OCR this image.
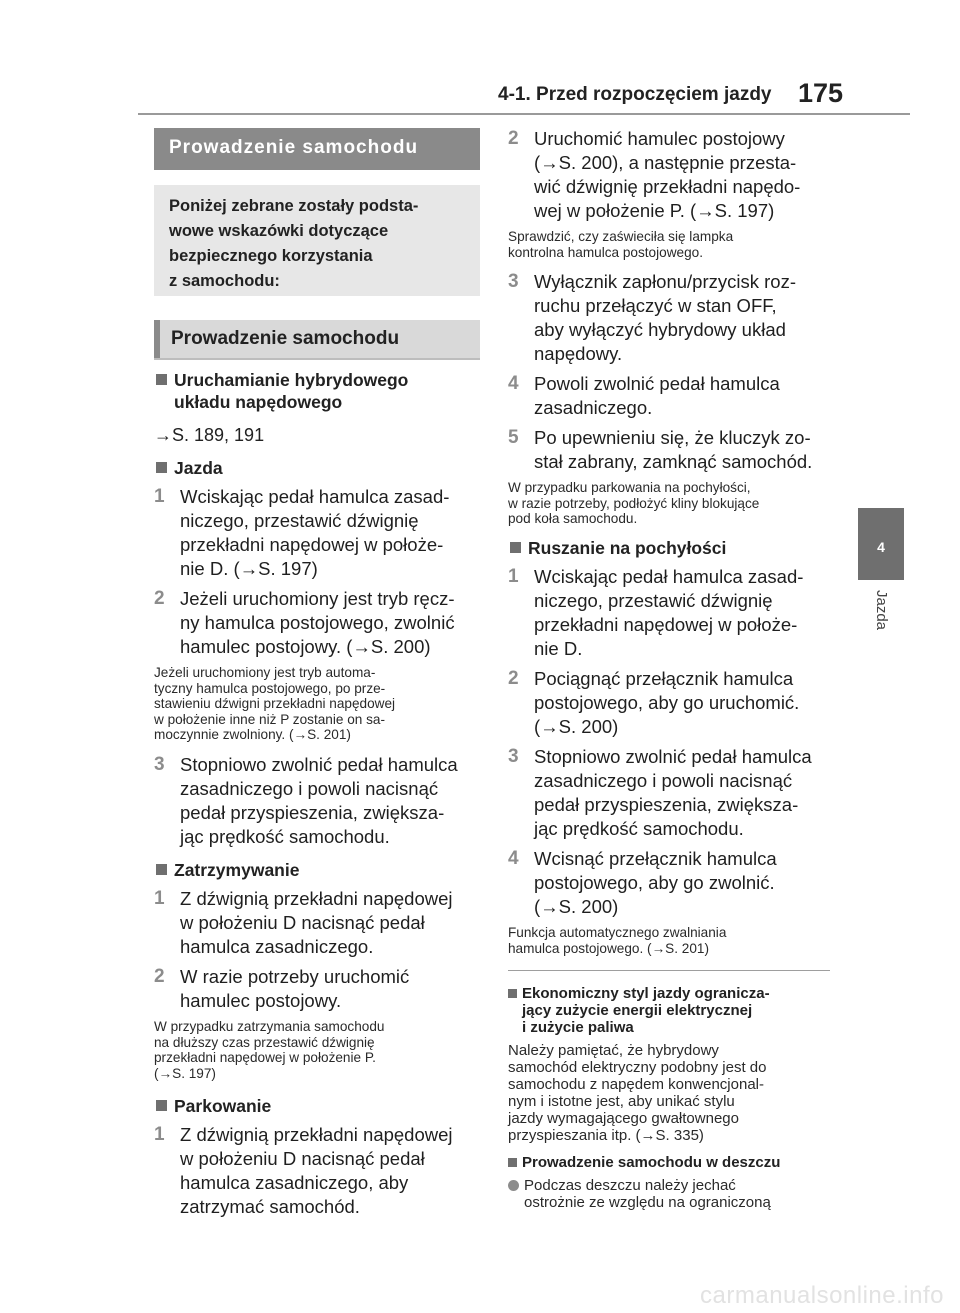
4-1. Przed rozpoczęciem jazdy 175
4
Jazda
Prowadzenie samochodu
Poniżej zebrane zostały podsta-
wowe wskazówki dotyczące
bezpiecznego korzystania
z samochodu:
Prowadzenie samochodu
Uruchamianie hybrydowego
układu napędowego
→S. 189, 191
Jazda
1 Wciskając pedał hamulca zasad-
niczego, przestawić dźwignię
przekładni napędowej w położe-
nie D. (→S. 197)
2 Jeżeli uruchomiony jest tryb ręcz-
ny hamulca postojowego, zwolnić
hamulec postojowy. (→S. 200)
Jeżeli uruchomiony jest tryb automa-
tyczny hamulca postojowego, po prze-
stawieniu dźwigni przekładni napędowej
w położenie inne niż P zostanie on sa-
moczynnie zwolniony. (→S. 201)
3 Stopniowo zwolnić pedał hamulca
zasadniczego i powoli nacisnąć
pedał przyspieszenia, zwiększa-
jąc prędkość samochodu.
Zatrzymywanie
1 Z dźwignią przekładni napędowej
w położeniu D nacisnąć pedał
hamulca zasadniczego.
2 W razie potrzeby uruchomić
hamulec postojowy.
W przypadku zatrzymania samochodu
na dłuższy czas przestawić dźwignię
przekładni napędowej w położenie P.
(→S. 197)
Parkowanie
1 Z dźwignią przekładni napędowej
w położeniu D nacisnąć pedał
hamulca zasadniczego, aby
zatrzymać samochód.
2 Uruchomić hamulec postojowy
(→S. 200), a następnie przesta-
wić dźwignię przekładni napędo-
wej w położenie P. (→S. 197)
Sprawdzić, czy zaświeciła się lampka
kontrolna hamulca postojowego.
3 Wyłącznik zapłonu/przycisk roz-
ruchu przełączyć w stan OFF,
aby wyłączyć hybrydowy układ
napędowy.
4 Powoli zwolnić pedał hamulca
zasadniczego.
5 Po upewnieniu się, że kluczyk zo-
stał zabrany, zamknąć samochód.
W przypadku parkowania na pochyłości,
w razie potrzeby, podłożyć kliny blokujące
pod koła samochodu.
Ruszanie na pochyłości
1 Wciskając pedał hamulca zasad-
niczego, przestawić dźwignię
przekładni napędowej w położe-
nie D.
2 Pociągnąć przełącznik hamulca
postojowego, aby go uruchomić.
(→S. 200)
3 Stopniowo zwolnić pedał hamulca
zasadniczego i powoli nacisnąć
pedał przyspieszenia, zwiększa-
jąc prędkość samochodu.
4 Wcisnąć przełącznik hamulca
postojowego, aby go zwolnić.
(→S. 200)
Funkcja automatycznego zwalniania
hamulca postojowego. (→S. 201)
Ekonomiczny styl jazdy ogranicza-
jący zużycie energii elektrycznej
i zużycie paliwa
Należy pamiętać, że hybrydowy
samochód elektryczny podobny jest do
samochodu z napędem konwencjonal-
nym i istotne jest, aby unikać stylu
jazdy wymagającego gwałtownego
przyspieszania itp. (→S. 335)
Prowadzenie samochodu w deszczu
Podczas deszczu należy jechać
ostrożnie ze względu na ograniczoną
carmanualsonline.info
